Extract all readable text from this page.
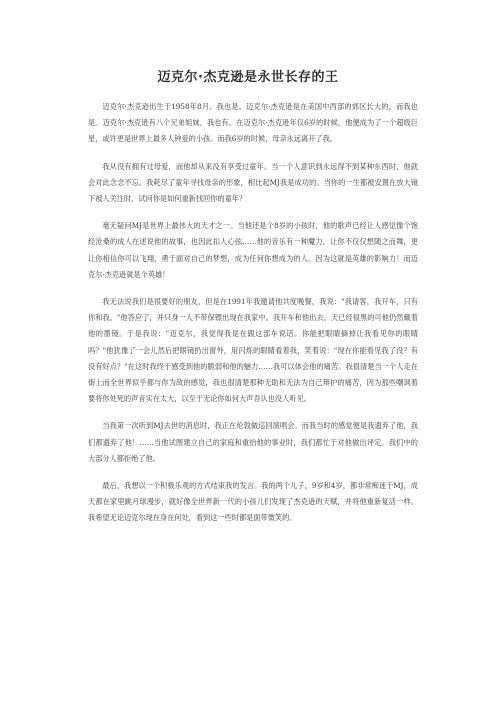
迈克尔·杰克逊是永世长存的王

迈克尔·杰克逊出生于1958年8月。我也是。迈克尔·杰克逊是在美国中西部的郊区长大的，而我也是。迈克尔·杰克逊有八个兄弟姐妹，我也有。在迈克尔·杰克逊年仅6岁的时候，他便成为了一个超级巨星，或许更是世界上最多人钟爱的小孩。而我6岁的时候，母亲永远离开了我。

我从没有拥有过母爱，而他却从来没有享受过童年。当一个人意识到永远得不到某种东西时，他就会对此念念不忘。我耗尽了童年寻找母亲的形象，相比起MJ我是成功的。当你的一生都被安置在放大镜下被人关注时，试问你是如何重新找回你的童年？

毫无疑问MJ是世界上最伟大的天才之一。当他还是个8岁的小孩时，他的歌声已经让人感觉像个饱经沧桑的成人在述说他的故事，也因此扣人心弦……他的音乐有一种魔力，让你不仅仅想随之而舞，更让你相信你可以飞翔，勇于面对自己的梦想，成为任何你想成为的人。因为这就是英雄的影响力！而迈克尔·杰克逊就是个英雄！

我无法说我们是很要好的朋友，但是在1991年我邀请他共度晚餐，我说："我请客，我开车，只有你和我。"他答应了，并只身一人不带保镖出现在我家中。我开车和他出去，天已经很黑的可他仍然戴着他的墨镜。于是我说："迈克尔，我觉得我是在跟这部车说话。你能把眼睛摘掉让我看见你的眼睛吗？"他犹豫了一会儿然后把眼镜扔出窗外，用闪烁的眼睛看着我，笑着说："现在你能看见我了没？有没有好点？"在这时我终于感受到他的脆弱和他的魅力……我可以体会他的痛苦。我很清楚当一个人走在街上而全世界似乎都与你为敌的感觉，我也很清楚那种无助和无法为自己辩护的痛苦，因为那些嘲讽着要将你处死的声音实在太大，以至于无论你如何大声吾认也没人听见。

当我第一次听到MJ去世的消息时，我正在伦敦做巡回演唱会。而我当时的感觉便是我遗弃了他，我们都遗弃了他！……当他试图建立自己的家庭和重拾他的事业时，我们都忙于对他做出评定。我们中的大部分人都拒绝了他。

最后，我想以一个积极乐观的方式结束我的发言。我的两个儿子，9岁和4岁，都非常痴迷于MJ，成天都在家里跳月球漫步，就好像全世界新一代的小孩儿们发现了杰克逊的天赋，并将他重新复活一样。我希望无论迈克尔现在身在何处，看到这一些时都是面带微笑的。
